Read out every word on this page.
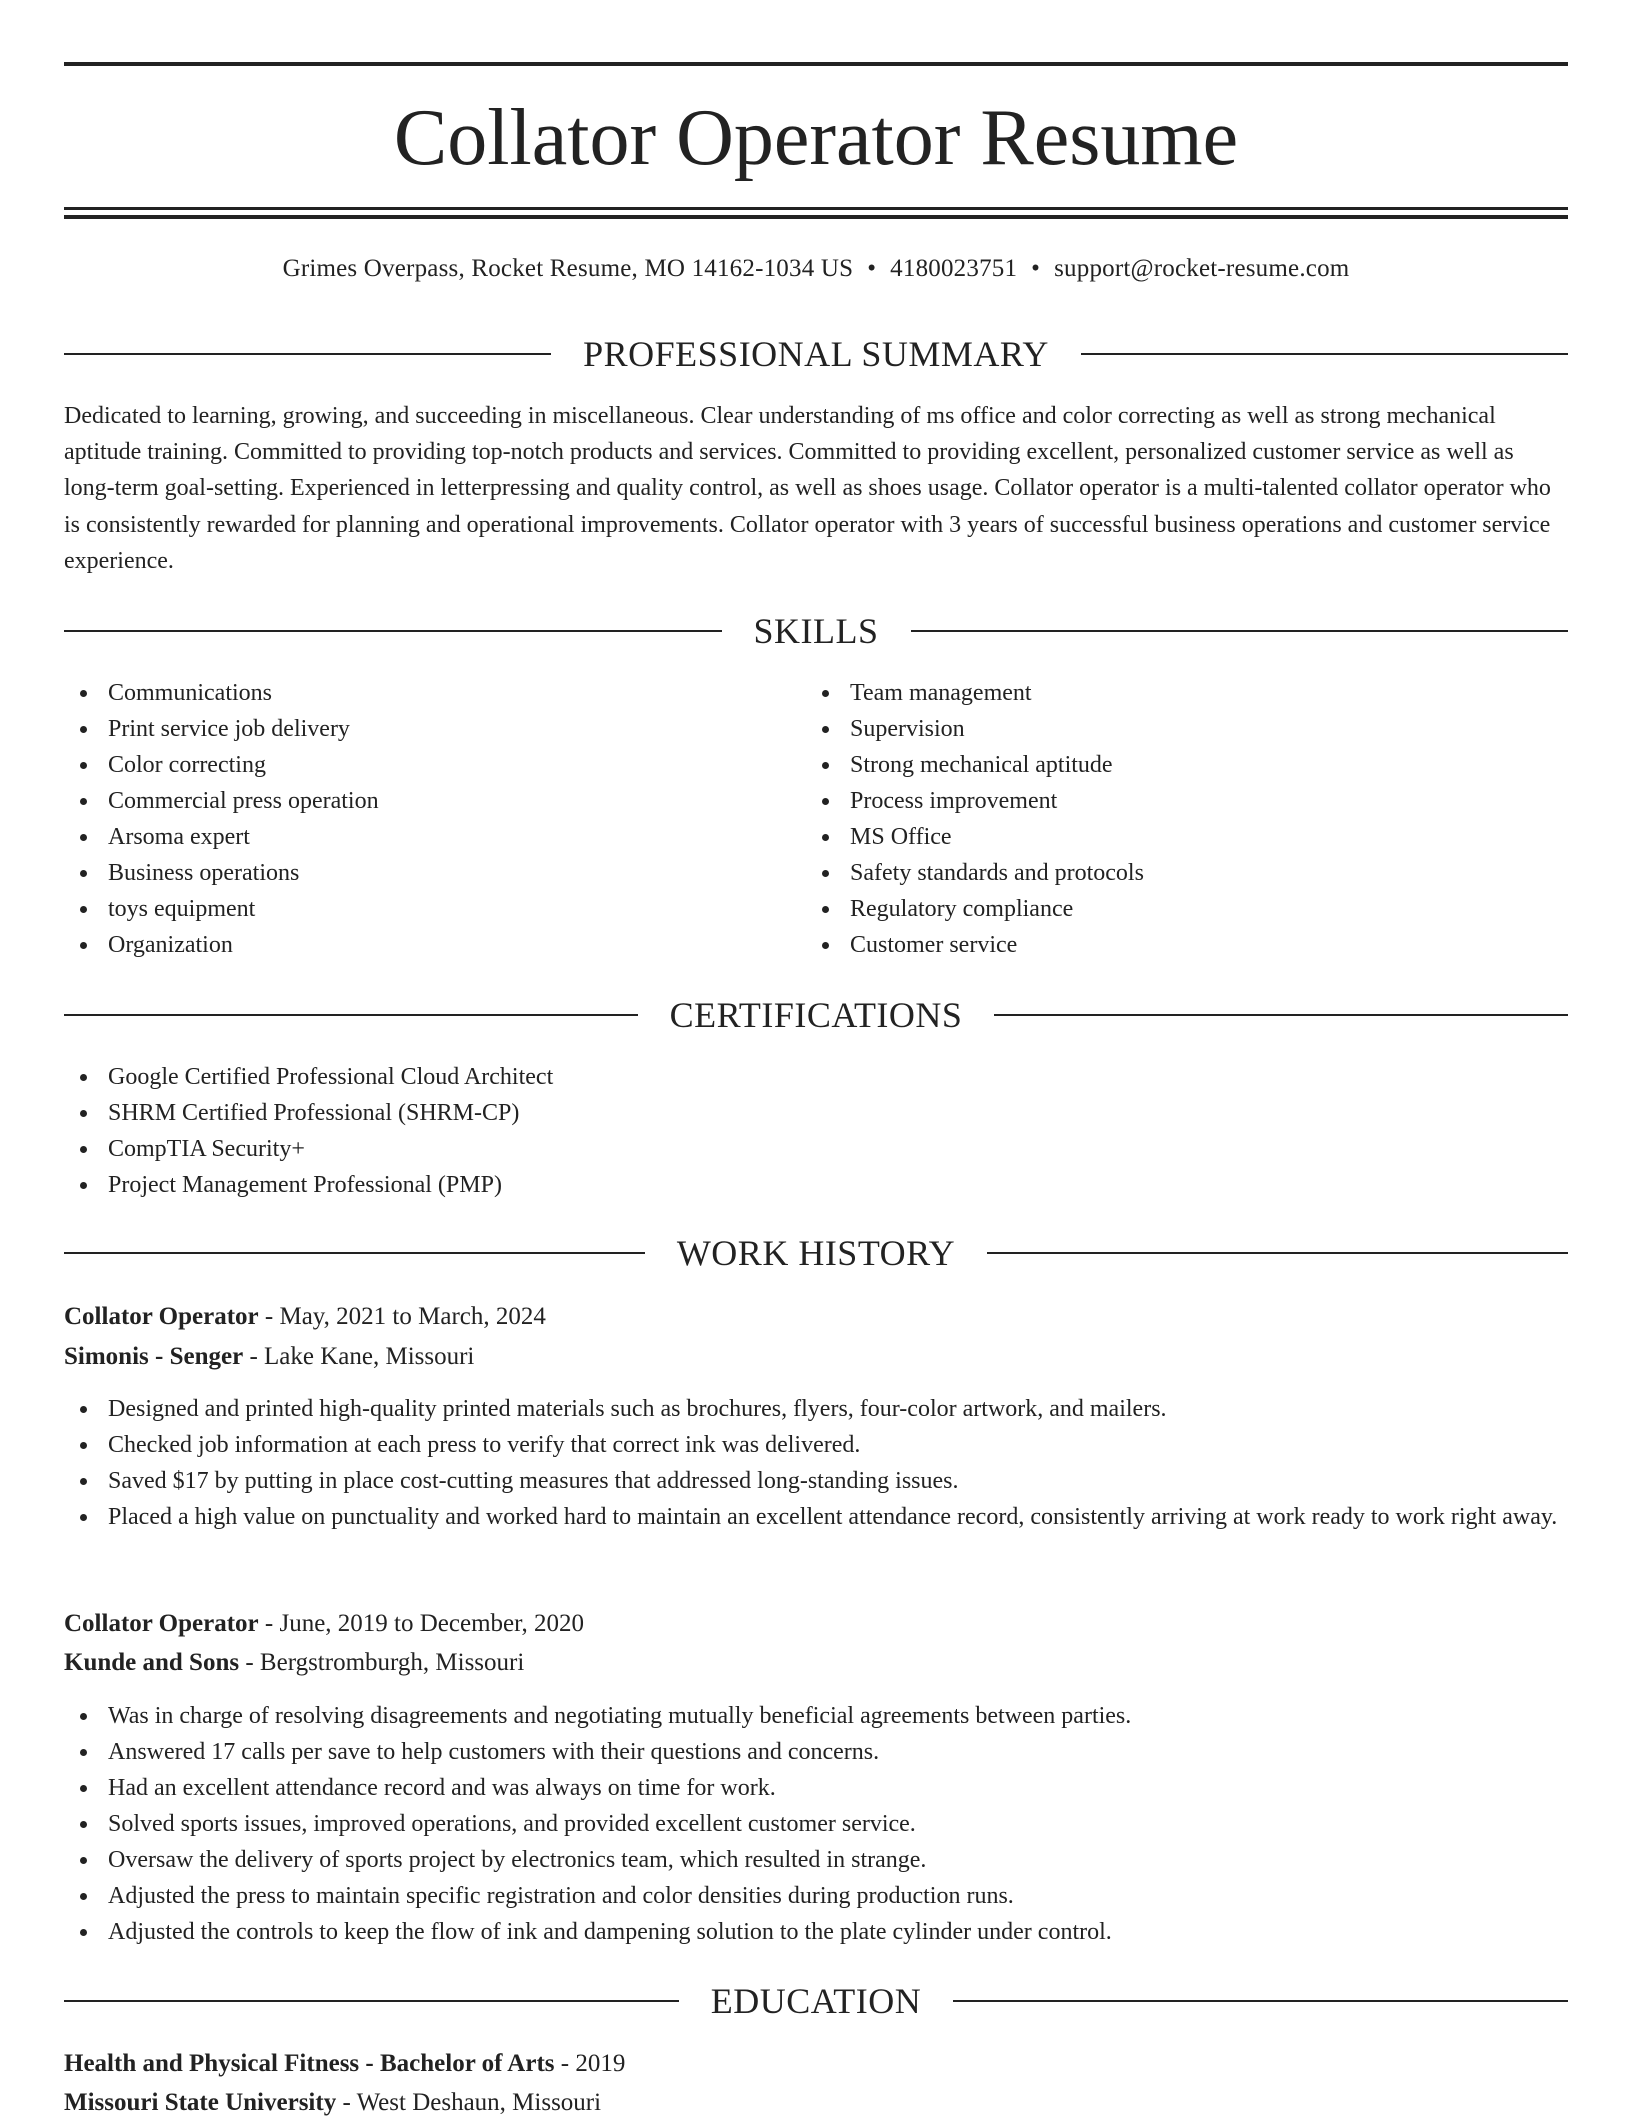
Collator Operator Resume
Grimes Overpass, Rocket Resume, MO 14162-1034 US • 4180023751 • support@rocket-resume.com
PROFESSIONAL SUMMARY

Dedicated to learning, growing, and succeeding in miscellaneous. Clear understanding of ms office and color correcting as well as strong mechanical aptitude training. Committed to providing top-notch products and services. Committed to providing excellent, personalized customer service as well as long-term goal-setting. Experienced in letterpressing and quality control, as well as shoes usage. Collator operator is a multi-talented collator operator who is consistently rewarded for planning and operational improvements. Collator operator with 3 years of successful business operations and customer service experience.

SKILLS
Communications
Print service job delivery
Color correcting
Commercial press operation
Arsoma expert
Business operations
toys equipment
Organization
Team management
Supervision
Strong mechanical aptitude
Process improvement
MS Office
Safety standards and protocols
Regulatory compliance
Customer service
CERTIFICATIONS
Google Certified Professional Cloud Architect
SHRM Certified Professional (SHRM-CP)
CompTIA Security+
Project Management Professional (PMP)
WORK HISTORY
Collator Operator - May, 2021 to March, 2024
Simonis - Senger - Lake Kane, Missouri
Designed and printed high-quality printed materials such as brochures, flyers, four-color artwork, and mailers.
Checked job information at each press to verify that correct ink was delivered.
Saved $17 by putting in place cost-cutting measures that addressed long-standing issues.
Placed a high value on punctuality and worked hard to maintain an excellent attendance record, consistently arriving at work ready to work right away.
Collator Operator - June, 2019 to December, 2020
Kunde and Sons - Bergstromburgh, Missouri
Was in charge of resolving disagreements and negotiating mutually beneficial agreements between parties.
Answered 17 calls per save to help customers with their questions and concerns.
Had an excellent attendance record and was always on time for work.
Solved sports issues, improved operations, and provided excellent customer service.
Oversaw the delivery of sports project by electronics team, which resulted in strange.
Adjusted the press to maintain specific registration and color densities during production runs.
Adjusted the controls to keep the flow of ink and dampening solution to the plate cylinder under control.
EDUCATION
Health and Physical Fitness - Bachelor of Arts - 2019
Missouri State University - West Deshaun, Missouri
